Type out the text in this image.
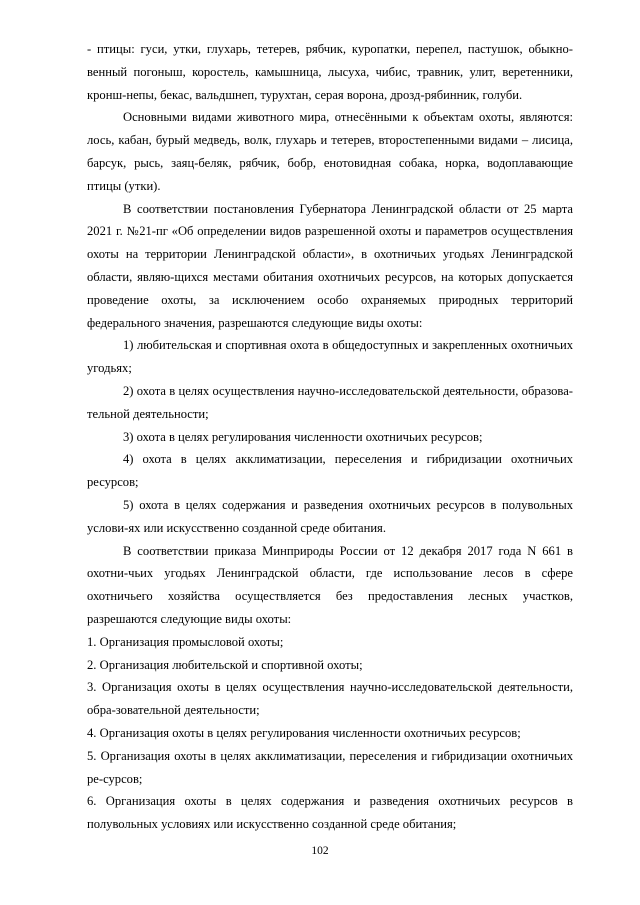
- птицы: гуси, утки, глухарь, тетерев, рябчик, куропатки, перепел, пастушок, обыкно-венный погоныш, коростель, камышница, лысуха, чибис, травник, улит, веретенники, кронш-непы, бекас, вальдшнеп, турухтан, серая ворона, дрозд-рябинник, голуби.

Основными видами животного мира, отнесёнными к объектам охоты, являются: лось, кабан, бурый медведь, волк, глухарь и тетерев, второстепенными видами – лисица, барсук, рысь, заяц-беляк, рябчик, бобр, енотовидная собака, норка, водоплавающие птицы (утки).

В соответствии постановления Губернатора Ленинградской области от 25 марта 2021 г. №21-пг «Об определении видов разрешенной охоты и параметров осуществления охоты на территории Ленинградской области», в охотничьих угодьях Ленинградской области, являю-щихся местами обитания охотничьих ресурсов, на которых допускается проведение охоты, за исключением особо охраняемых природных территорий федерального значения, разрешаются следующие виды охоты:

1) любительская и спортивная охота в общедоступных и закрепленных охотничьих угодьях;

2) охота в целях осуществления научно-исследовательской деятельности, образова-тельной деятельности;

3) охота в целях регулирования численности охотничьих ресурсов;

4) охота в целях акклиматизации, переселения и гибридизации охотничьих ресурсов;

5) охота в целях содержания и разведения охотничьих ресурсов в полувольных услови-ях или искусственно созданной среде обитания.

В соответствии приказа Минприроды России от 12 декабря 2017 года N 661 в охотни-чьих угодьях Ленинградской области, где использование лесов в сфере охотничьего хозяйства осуществляется без предоставления лесных участков, разрешаются следующие виды охоты:

1. Организация промысловой охоты;

2. Организация любительской и спортивной охоты;

3. Организация охоты в целях осуществления научно-исследовательской деятельности, обра-зовательной деятельности;

4. Организация охоты в целях регулирования численности охотничьих ресурсов;

5. Организация охоты в целях акклиматизации, переселения и гибридизации охотничьих ре-сурсов;

6. Организация охоты в целях содержания и разведения охотничьих ресурсов в полувольных условиях или искусственно созданной среде обитания;

102
